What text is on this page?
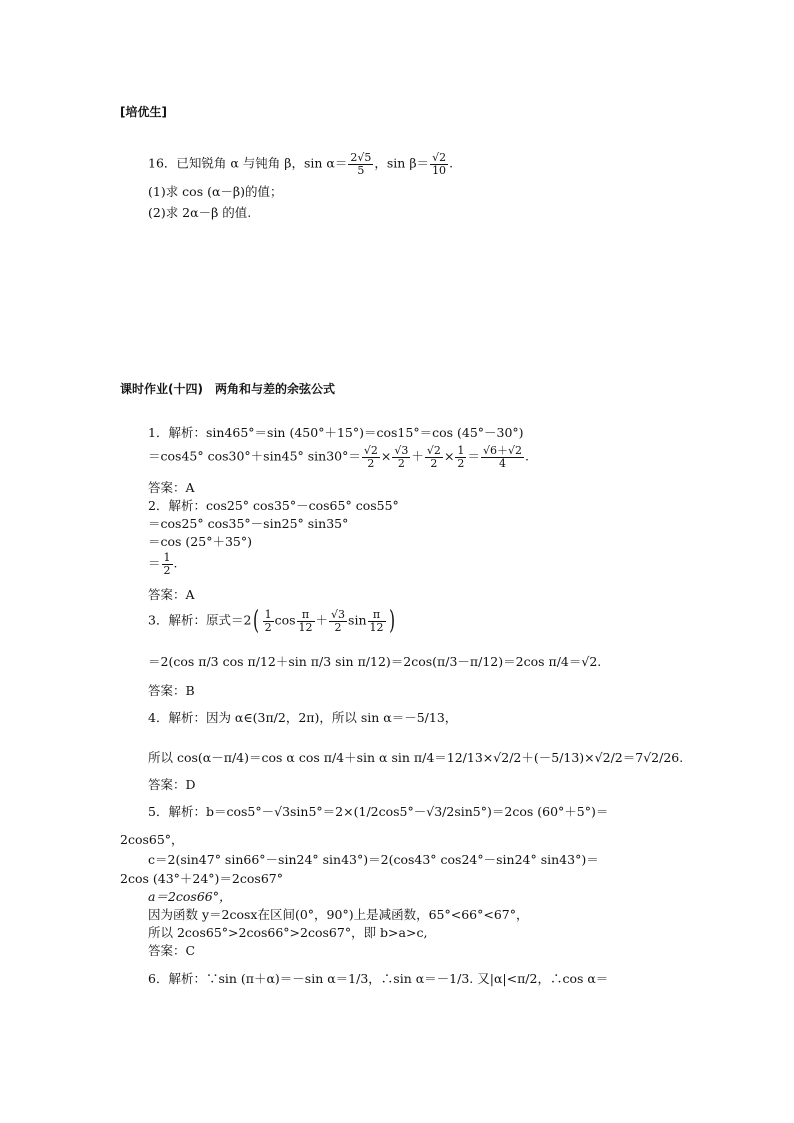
[培优生]
16．已知锐角 α 与钝角 β，$\sin \alpha= \frac{2√5}{5}$ ，$\sin \beta= \frac{√2}{10}$ .
(1)求 cos (α－β)的值；
(2)求 2α－β 的值.
课时作业(十四)　两角和与差的余弦公式
1．解析：sin465°＝sin (450°＋15°)＝cos15°＝cos (45°－30°)
＝cos45° cos30°＋sin45° $\sin 30^\circ= \frac{√2}{2} \times \frac{√3}{2} + \frac{√2}{2} \times \frac{1}{2} = \frac{√6+√2}{4}$ .
答案：A
2．解析：cos25° cos35°－cos65° cos55°
＝cos25° cos35°－sin25° sin35°
＝cos (25°＋35°)
＝ $\frac{1}{2}$ .
答案：A
3．解析：原式$=2( \frac{1}{2}$ $\cos \frac{\pi}{12} + \frac{√3}{2}$ $\sin \frac{\pi}{12}$ )
＝2(cos π/3 cos π/12＋sin π/3 sin π/12)＝2cos(π/3－π/12)＝2cos π/4＝√2.
答案：B
4．解析：因为 α∈(3π/2，2π)，所以 sin α＝－5/13，
所以 cos(α－π/4)＝cos α cos π/4＋sin α sin π/4＝12/13×√2/2＋(－5/13)×√2/2＝7√2/26.
答案：D
5．解析：b＝cos5°－√3sin5°＝2×(1/2cos5°－√3/2sin5°)＝2cos (60°＋5°)＝
2cos65°，
c＝2(sin47° sin66°－sin24° sin43°)＝2(cos43° cos24°－sin24° sin43°)＝
2cos (43°＋24°)＝2cos67°
a＝2cos66°，
因为函数 y＝2cosx在区间(0°，90°)上是减函数，65°<66°<67°，
所以 2cos65°>2cos66°>2cos67°，即 b>a>c,
答案：C
6．解析：∵sin (π＋α)＝－sin α＝1/3，∴sin α＝－1/3. 又|α|<π/2，∴cos α＝
